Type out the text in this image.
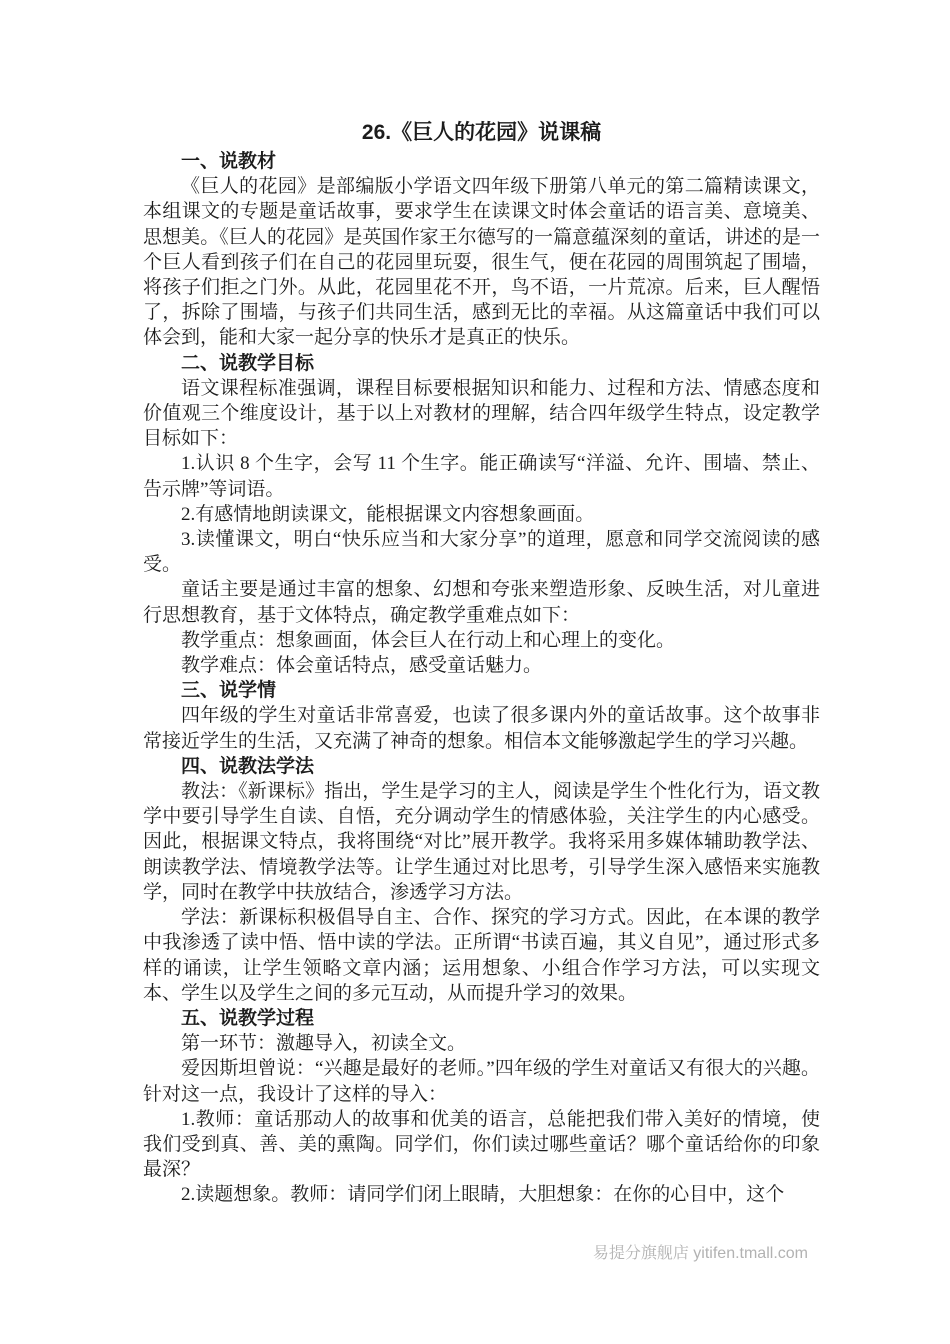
26.《巨人的花园》说课稿

一、说教材

《巨人的花园》是部编版小学语文四年级下册第八单元的第二篇精读课文，本组课文的专题是童话故事，要求学生在读课文时体会童话的语言美、意境美、思想美。《巨人的花园》是英国作家王尔德写的一篇意蕴深刻的童话，讲述的是一个巨人看到孩子们在自己的花园里玩耍，很生气，便在花园的周围筑起了围墙，将孩子们拒之门外。从此，花园里花不开，鸟不语，一片荒凉。后来，巨人醒悟了，拆除了围墙，与孩子们共同生活，感到无比的幸福。从这篇童话中我们可以体会到，能和大家一起分享的快乐才是真正的快乐。

二、说教学目标

语文课程标准强调，课程目标要根据知识和能力、过程和方法、情感态度和价值观三个维度设计，基于以上对教材的理解，结合四年级学生特点，设定教学目标如下：

1.认识 8 个生字，会写 11 个生字。能正确读写“洋溢、允许、围墙、禁止、告示牌”等词语。

2.有感情地朗读课文，能根据课文内容想象画面。

3.读懂课文，明白“快乐应当和大家分享”的道理，愿意和同学交流阅读的感受。

童话主要是通过丰富的想象、幻想和夸张来塑造形象、反映生活，对儿童进行思想教育，基于文体特点，确定教学重难点如下：

教学重点：想象画面，体会巨人在行动上和心理上的变化。

教学难点：体会童话特点，感受童话魅力。

三、说学情

四年级的学生对童话非常喜爱，也读了很多课内外的童话故事。这个故事非常接近学生的生活，又充满了神奇的想象。相信本文能够激起学生的学习兴趣。

四、说教法学法

教法：《新课标》指出，学生是学习的主人，阅读是学生个性化行为，语文教学中要引导学生自读、自悟，充分调动学生的情感体验，关注学生的内心感受。因此，根据课文特点，我将围绕“对比”展开教学。我将采用多媒体辅助教学法、朗读教学法、情境教学法等。让学生通过对比思考，引导学生深入感悟来实施教学，同时在教学中扶放结合，渗透学习方法。

学法：新课标积极倡导自主、合作、探究的学习方式。因此，在本课的教学中我渗透了读中悟、悟中读的学法。正所谓“书读百遍，其义自见”，通过形式多样的诵读，让学生领略文章内涵；运用想象、小组合作学习方法，可以实现文本、学生以及学生之间的多元互动，从而提升学习的效果。

五、说教学过程

第一环节：激趣导入，初读全文。

爱因斯坦曾说：“兴趣是最好的老师。”四年级的学生对童话又有很大的兴趣。针对这一点，我设计了这样的导入：

1.教师：童话那动人的故事和优美的语言，总能把我们带入美好的情境，使我们受到真、善、美的熏陶。同学们，你们读过哪些童话？哪个童话给你的印象最深？

2.读题想象。教师：请同学们闭上眼睛，大胆想象：在你的心目中，这个

易提分旗舰店 yitifen.tmall.com
